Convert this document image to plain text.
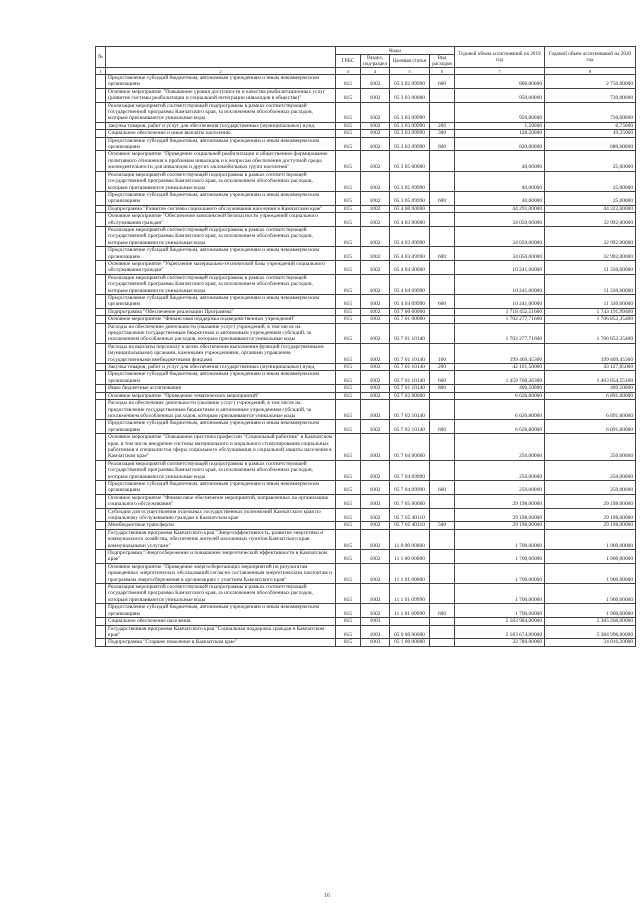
№		Коды				Годовой объем ассигнований на 2019 год	Годовой объем ассигнований на 2020 год
		ГРБС	Раздел, под-раздел	Целевая статья	Вид расходов		
1	2	3	4	5	6	7	8
	Предоставление субсидий бюджетным, автономным учреждениям и иным некоммерческим организациям	815	1002	05 3 02 09990	600	800,00000	2 750,00000
	Основное мероприятие "Повышение уровня доступности и качества реабилитационных услуг (развитие системы реабилитации и социальной интеграции инвалидов в обществе)"	815	1002	05 3 03 00000		950,00000	730,00000
	Реализация мероприятий соответствующей подпрограммы в рамках соответствующей государственной программы Камчатского края, за исключением обособленных расходов, которым присваиваются уникальные коды	815	1002	05 3 03 09990		950,00000	730,00000
	Закупка товаров, работ и услуг для обеспечения государственных (муниципальных) нужд	815	1002	05 3 03 09990	200	1,50000	0,75000
	Социальное обеспечение и иные выплаты населению	815	1002	05 3 03 09990	300	128,50000	49,25000
	Предоставление субсидий бюджетным, автономным учреждениям и иным некоммерческим организациям	815	1002	05 3 03 09990	600	820,00000	680,00000
	Основное мероприятие "Проведение социальной реабилитации и общественное формирование позитивного отношения к проблемам инвалидов и к вопросам обеспечения доступной среды жизнедеятельности для инвалидов и других маломобильных групп населения"	815	1002	05 3 05 00000		40,00000	25,00000
	Реализация мероприятий соответствующей подпрограммы в рамках соответствующей государственной программы Камчатского края, за исключением обособленных расходов, которым присваиваются уникальные коды	815	1002	05 3 05 09990		40,00000	25,00000
	Предоставление субсидий бюджетным, автономным учреждениям и иным некоммерческим организациям	815	1002	05 3 05 09990	600	40,00000	25,00000
	Подпрограмма "Развитие системы социального обслуживания населения в Камчатском крае"	815	1002	05 4 00 00000		44 291,00000	44 322,00000
	Основное мероприятие "Обеспечение комплексной безопасности учреждений социального обслуживания граждан"	815	1002	05 4 03 00000		34 050,00000	32 992,00000
	Реализация мероприятий соответствующей подпрограммы в рамках соответствующей государственной программы Камчатского края, за исключением обособленных расходов, которым присваиваются уникальные коды	815	1002	05 4 03 09990		34 050,00000	32 992,00000
	Предоставление субсидий бюджетным, автономным учреждениям и иным некоммерческим организациям	815	1002	05 4 03 09990	600	34 050,00000	32 992,00000
	Основное мероприятие "Укрепление материально-технической базы учреждений социального обслуживания граждан"	815	1002	05 4 04 00000		10 241,00000	11 330,00000
	Реализация мероприятий соответствующей подпрограммы в рамках соответствующей государственной программы Камчатского края, за исключением обособленных расходов, которым присваиваются уникальные коды	815	1002	05 4 04 09990		10 241,00000	11 330,00000
	Предоставление субсидий бюджетным, автономным учреждениям и иным некоммерческим организациям	815	1002	05 4 04 09990	600	10 241,00000	11 330,00000
	Подпрограмма "Обеспечение реализации Программы"	815	1002	05 7 00 00000		1 718 452,51600	1 743 191,99400
	Основное мероприятие "Финансовая поддержка подведомственных учреждений"	815	1002	05 7 01 00000		1 702 277,71600	1 706 852,35400
	Расходы на обеспечение деятельности (оказание услуг) учреждений, в том числе на предоставление государственным бюджетным и автономным учреждениям субсидий, за исключением обособленных расходов, которым присваиваются уникальные коды	815	1002	05 7 01 10140		1 702 277,71600	1 706 852,35400
	Расходы на выплаты персоналу в целях обеспечения выполнения функций государственными (муниципальными) органами, казенными учреждениями, органами управления государственными внебюджетными фондами	815	1002	05 7 01 10140	100	199 469,45300	199 469,45300
	Закупка товаров, работ и услуг для обеспечения государственных (муниципальных) нужд	815	1002	05 7 01 10140	200	42 101,50000	43 127,85000
	Предоставление субсидий бюджетным, автономным учреждениям и иным некоммерческим организациям	815	1002	05 7 01 10140	600	1 459 706,26300	1 463 854,55100
	Иные бюджетные ассигнования	815	1002	05 7 01 10140	800	400,50000	400,50000
	Основное мероприятие "Проведение тематических мероприятий"	815	1002	05 7 02 00000		6 626,80000	6 891,60000
	Расходы на обеспечение деятельности (оказание услуг) учреждений, в том числе на предоставление государственным бюджетным и автономным учреждениям субсидий, за исключением обособленных расходов, которым присваиваются уникальные коды	815	1002	05 7 02 10140		6 626,80000	6 891,60000
	Предоставление субсидий бюджетным, автономным учреждениям и иным некоммерческим организациям	815	1002	05 7 02 10140	600	6 626,80000	6 891,60000
	Основное мероприятие "Повышение престижа профессии "Социальный работник" в Камчатском крае, в том числе внедрение системы материального и морального стимулирования социальных работников и специалистов сферы социального обслуживания и социальной защиты населения в Камчатском крае"	815	1002	05 7 04 00000		250,00000	250,00000
	Реализация мероприятий соответствующей подпрограммы в рамках соответствующей государственной программы Камчатского края, за исключением обособленных расходов, которым присваиваются уникальные коды	815	1002	05 7 04 09990		250,00000	250,00000
	Предоставление субсидий бюджетным, автономным учреждениям и иным некоммерческим организациям	815	1002	05 7 04 09990	600	250,00000	250,00000
	Основное мероприятие "Финансовое обеспечение мероприятий, направленных на организацию социального обслуживания"	815	1002	05 7 05 00000		29 198,00000	29 198,00000
	Субсидии для осуществления отдельных государственных полномочий Камчатского края по социальному обслуживанию граждан в Камчатском крае	815	1002	05 7 05 40110		29 198,00000	29 198,00000
	Межбюджетные трансферты	815	1002	05 7 05 40110	500	29 198,00000	29 198,00000
	Государственная программа Камчатского края "Энергоэффективность, развитие энергетики и коммунального хозяйства, обеспечение жителей населенных пунктов Камчатского края коммунальными услугами"	815	1002	11 0 00 00000		1 700,00000	1 900,00000
	Подпрограмма "Энергосбережение и повышение энергетической эффективности в Камчатском крае"	815	1002	11 1 00 00000		1 700,00000	1 900,00000
	Основное мероприятие "Проведение энергосберегающих мероприятий по результатам проведенных энергетических обследований согласно составленным энергетическим паспортам и программам энергосбережения в организациях с участием Камчатского края"	815	1002	11 1 01 00000		1 700,00000	1 900,00000
	Реализация мероприятий соответствующей подпрограммы в рамках соответствующей государственной программы Камчатского края, за исключением обособленных расходов, которым присваиваются уникальные коды	815	1002	11 1 01 09990		1 700,00000	1 900,00000
	Предоставление субсидий бюджетным, автономным учреждениям и иным некоммерческим организациям	815	1002	11 1 01 09990	600	1 700,00000	1 900,00000
	Социальное обеспечение населения	815	1003			5 183 984,00000	5 385 266,00000
	Государственная программа Камчатского края "Социальная поддержка граждан в Камчатском крае"	815	1003	05 0 00 00000		5 183 674,00000	5 384 996,00000
	Подпрограмма "Старшее поколение в Камчатском крае"	815	1003	05 1 00 00000		32 780,00000	34 016,20000
16
